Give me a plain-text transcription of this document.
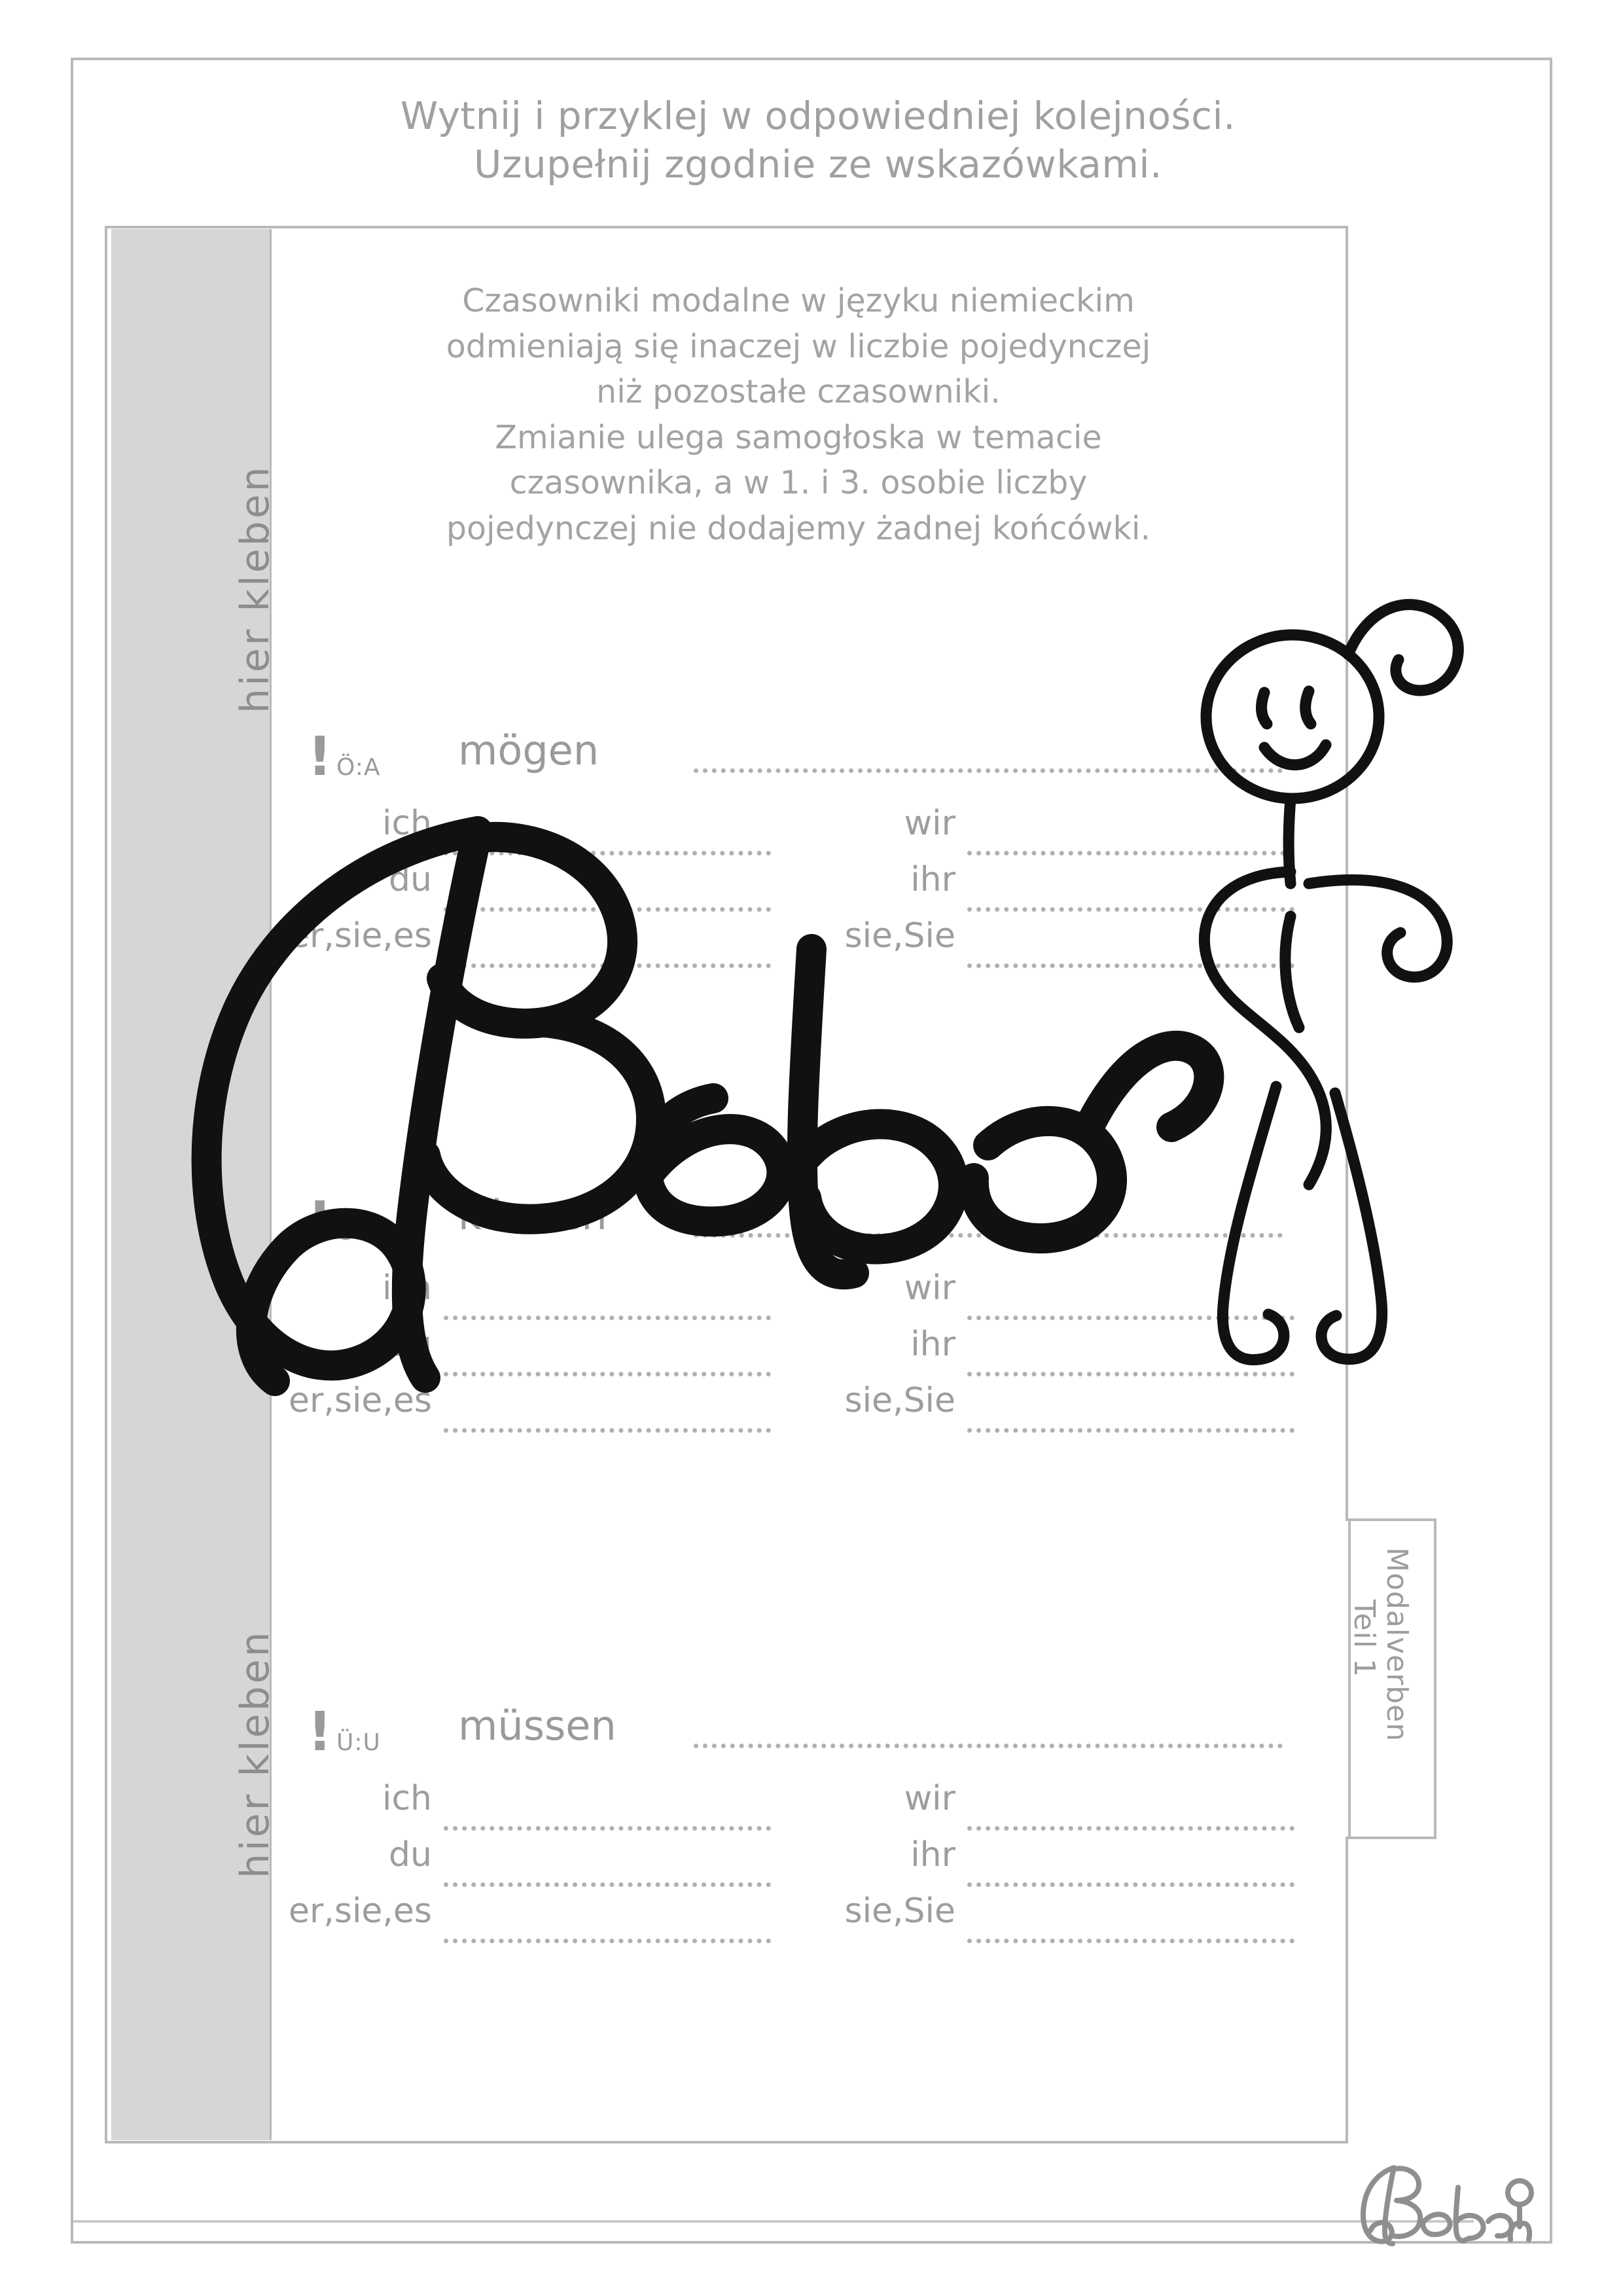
Wytnij i przyklej w odpowiedniej kolejności.
Uzupełnij zgodnie ze wskazówkami.
hier kleben
hier kleben
Czasowniki modalne w języku niemieckim
odmieniają się inaczej w liczbie pojedynczej
niż pozostałe czasowniki.
Zmianie ulega samogłoska w temacie
czasownika, a w 1. i 3. osobie liczby
pojedynczej nie dodajemy żadnej końcówki.
! Ö:A mögen
ich	wir
du	ihr
er,sie,es	sie,Sie
! Ö:A können
ich	wir
du	ihr
er,sie,es	sie,Sie
! Ü:U müssen
ich	wir
du	ihr
er,sie,es	sie,Sie
Modalverben
Teil 1
